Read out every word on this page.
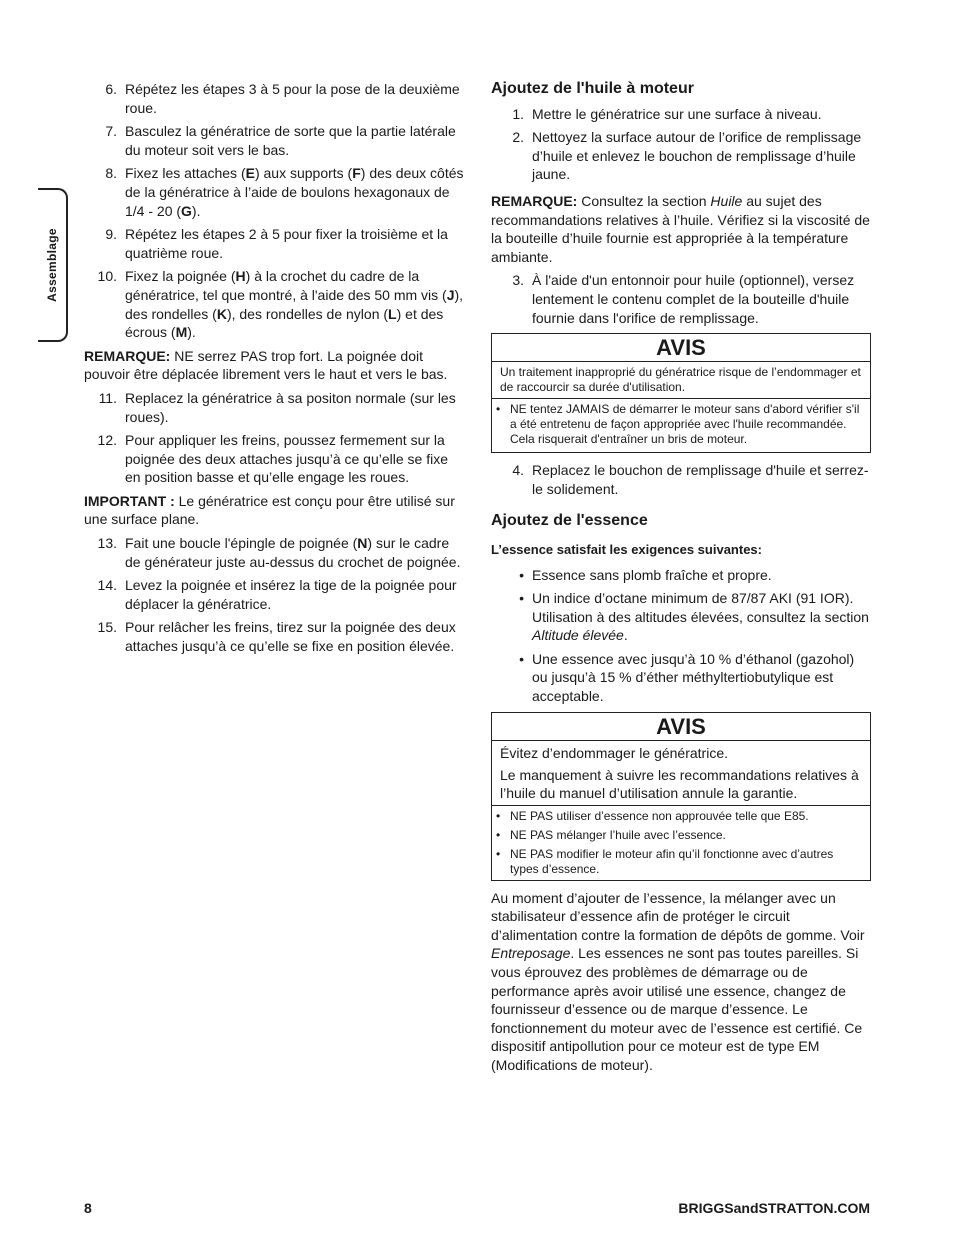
Assemblage
6. Répétez les étapes 3 à 5 pour la pose de la deuxième roue.
7. Basculez la génératrice de sorte que la partie latérale du moteur soit vers le bas.
8. Fixez les attaches (E) aux supports (F) des deux côtés de la génératrice à l’aide de boulons hexagonaux de 1/4 - 20 (G).
9. Répétez les étapes 2 à 5 pour fixer la troisième et la quatrième roue.
10. Fixez la poignée (H) à la crochet du cadre de la génératrice, tel que montré, à l'aide des 50 mm vis (J), des rondelles (K), des rondelles de nylon (L) et des écrous (M).

REMARQUE: NE serrez PAS trop fort. La poignée doit pouvoir être déplacée librement vers le haut et vers le bas.

11. Replacez la génératrice à sa positon normale (sur les roues).
12. Pour appliquer les freins, poussez fermement sur la poignée des deux attaches jusqu’à ce qu’elle se fixe en position basse et qu’elle engage les roues.

IMPORTANT : Le génératrice est conçu pour être utilisé sur une surface plane.

13. Fait une boucle l'épingle de poignée (N) sur le cadre de générateur juste au-dessus du crochet de poignée.
14. Levez la poignée et insérez la tige de la poignée pour déplacer la génératrice.
15. Pour relâcher les freins, tirez sur la poignée des deux attaches jusqu’à ce qu’elle se fixe en position élevée.
Ajoutez de l'huile à moteur
1. Mettre le génératrice sur une surface à niveau.
2. Nettoyez la surface autour de l’orifice de remplissage d’huile et enlevez le bouchon de remplissage d’huile jaune.

REMARQUE: Consultez la section Huile au sujet des recommandations relatives à l’huile. Vérifiez si la viscosité de la bouteille d’huile fournie est appropriée à la température ambiante.

3. À l'aide d'un entonnoir pour huile (optionnel), versez lentement le contenu complet de la bouteille d'huile fournie dans l'orifice de remplissage.
AVIS
Un traitement inapproprié du génératrice risque de l’endommager et de raccourcir sa durée d'utilisation.
• NE tentez JAMAIS de démarrer le moteur sans d'abord vérifier s'il a été entretenu de façon appropriée avec l'huile recommandée. Cela risquerait d'entraîner un bris de moteur.
4. Replacez le bouchon de remplissage d'huile et serrez-le solidement.
Ajoutez de l'essence
L’essence satisfait les exigences suivantes:
• Essence sans plomb fraîche et propre.
• Un indice d’octane minimum de 87/87 AKI (91 IOR). Utilisation à des altitudes élevées, consultez la section Altitude élevée.
• Une essence avec jusqu’à 10 % d’éthanol (gazohol) ou jusqu’à 15 % d’éther méthyltertiobutylique est acceptable.
AVIS

Évitez d’endommager le génératrice.

Le manquement à suivre les recommandations relatives à l’huile du manuel d’utilisation annule la garantie.

• NE PAS utiliser d’essence non approuvée telle que E85.
• NE PAS mélanger l’huile avec l’essence.
• NE PAS modifier le moteur afin qu’il fonctionne avec d’autres types d’essence.

Au moment d’ajouter de l’essence, la mélanger avec un stabilisateur d’essence afin de protéger le circuit d’alimentation contre la formation de dépôts de gomme. Voir Entreposage. Les essences ne sont pas toutes pareilles. Si vous éprouvez des problèmes de démarrage ou de performance après avoir utilisé une essence, changez de fournisseur d’essence ou de marque d’essence. Le fonctionnement du moteur avec de l’essence est certifié. Ce dispositif antipollution pour ce moteur est de type EM (Modifications de moteur).

8	BRIGGSandSTRATTON.COM
